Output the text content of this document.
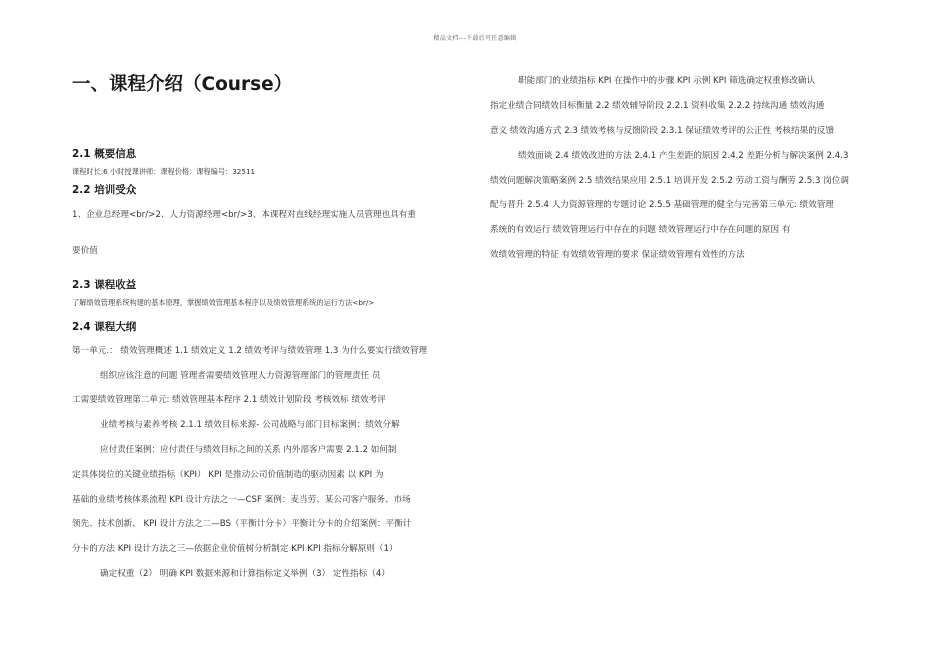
精品文档---下载后可任意编辑
一、课程介绍（Course）
2.1 概要信息
课程时长:6 小时授课讲师：课程价格：课程编号：32511
2.2 培训受众
1、企业总经理<br/>2、人力资源经理<br/>3、本课程对直线经理实施人员管理也具有重
要价值
2.3 课程收益
了解绩效管理系统构建的基本原理，掌握绩效管理基本程序以及绩效管理系统的运行方法<br/>
2.4 课程大纲
第一单元.： 绩效管理概述 1.1 绩效定义 1.2 绩效考评与绩效管理 1.3 为什么要实行绩效管理
组织应该注意的问题 管理者需要绩效管理人力资源管理部门的管理责任 员
工需要绩效管理第二单元: 绩效管理基本程序 2.1 绩效计划阶段 考核效标 绩效考评
业绩考核与素养考核 2.1.1 绩效目标来源- 公司战略与部门目标案例：绩效分解
应付责任案例：应付责任与绩效目标之间的关系 内外部客户需要 2.1.2 如何制
定具体岗位的关键业绩指标（KPI） KPI 是推动公司价值制造的驱动因素 以 KPI 为
基础的业绩考核体系流程 KPI 设计方法之一—CSF 案例：麦当劳、某公司客户服务、市场
领先、技术创新、 KPI 设计方法之二—BS（平衡计分卡）平衡计分卡的介绍案例：平衡计
分卡的方法 KPI 设计方法之三—依据企业价值树分析制定 KPI KPI 指标分解原则（1）
确定权重（2） 明确 KPI 数据来源和计算指标定义举例（3） 定性指标（4）
职能部门的业绩指标 KPI 在操作中的步骤 KPI 示例 KPI 筛选确定权重修改确认
指定业绩合同绩效目标衡量 2.2 绩效辅导阶段 2.2.1 资料收集 2.2.2 持续沟通 绩效沟通
意义 绩效沟通方式 2.3 绩效考核与反馈阶段 2.3.1 保证绩效考评的公正性 考核结果的反馈
绩效面谈 2.4 绩效改进的方法 2.4.1 产生差距的原因 2.4.2 差距分析与解决案例 2.4.3
绩效问题解决策略案例 2.5 绩效结果应用 2.5.1 培训开发 2.5.2 劳动工资与酬劳 2.5.3 岗位调
配与晋升 2.5.4 人力资源管理的专题讨论 2.5.5 基础管理的健全与完善第三单元: 绩效管理
系统的有效运行 绩效管理运行中存在的问题 绩效管理运行中存在问题的原因 有
效绩效管理的特征 有效绩效管理的要求 保证绩效管理有效性的方法
